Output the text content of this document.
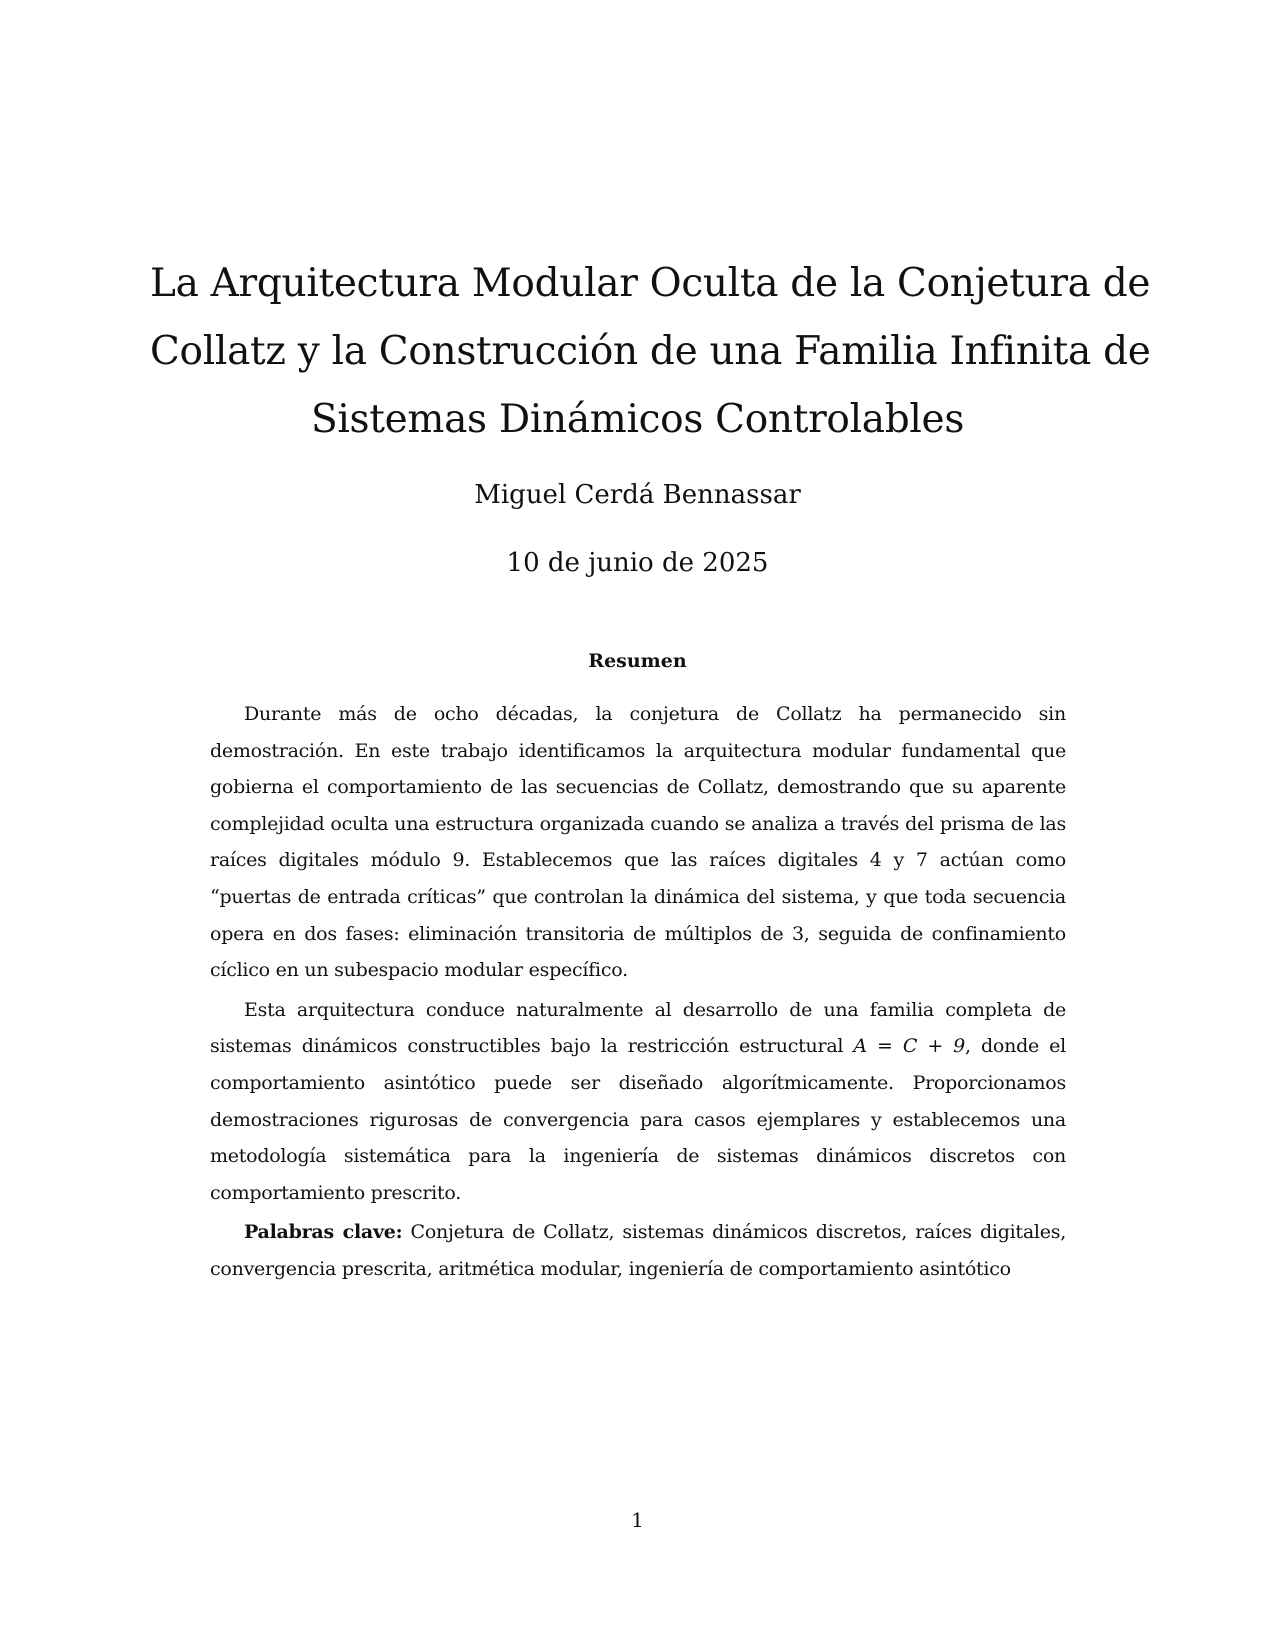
La Arquitectura Modular Oculta de la Conjetura de
Collatz y la Construcción de una Familia Infinita de
Sistemas Dinámicos Controlables
Miguel Cerdá Bennassar
10 de junio de 2025
Resumen

Durante más de ocho décadas, la conjetura de Collatz ha permanecido sin demostración. En este trabajo identificamos la arquitectura modular fundamental que gobierna el comportamiento de las secuencias de Collatz, demostrando que su aparente complejidad oculta una estructura organizada cuando se analiza a través del prisma de las raíces digitales módulo 9. Establecemos que las raíces digitales 4 y 7 actúan como “puertas de entrada críticas” que controlan la dinámica del sistema, y que toda secuencia opera en dos fases: eliminación transitoria de múltiplos de 3, seguida de confinamiento cíclico en un subespacio modular específico.

Esta arquitectura conduce naturalmente al desarrollo de una familia completa de sistemas dinámicos constructibles bajo la restricción estructural A = C + 9, donde el comportamiento asintótico puede ser diseñado algorítmicamente. Proporcionamos demostraciones rigurosas de convergencia para casos ejemplares y establecemos una metodología sistemática para la ingeniería de sistemas dinámicos discretos con comportamiento prescrito.

Palabras clave: Conjetura de Collatz, sistemas dinámicos discretos, raíces digitales, convergencia prescrita, aritmética modular, ingeniería de comportamiento asintótico

1
